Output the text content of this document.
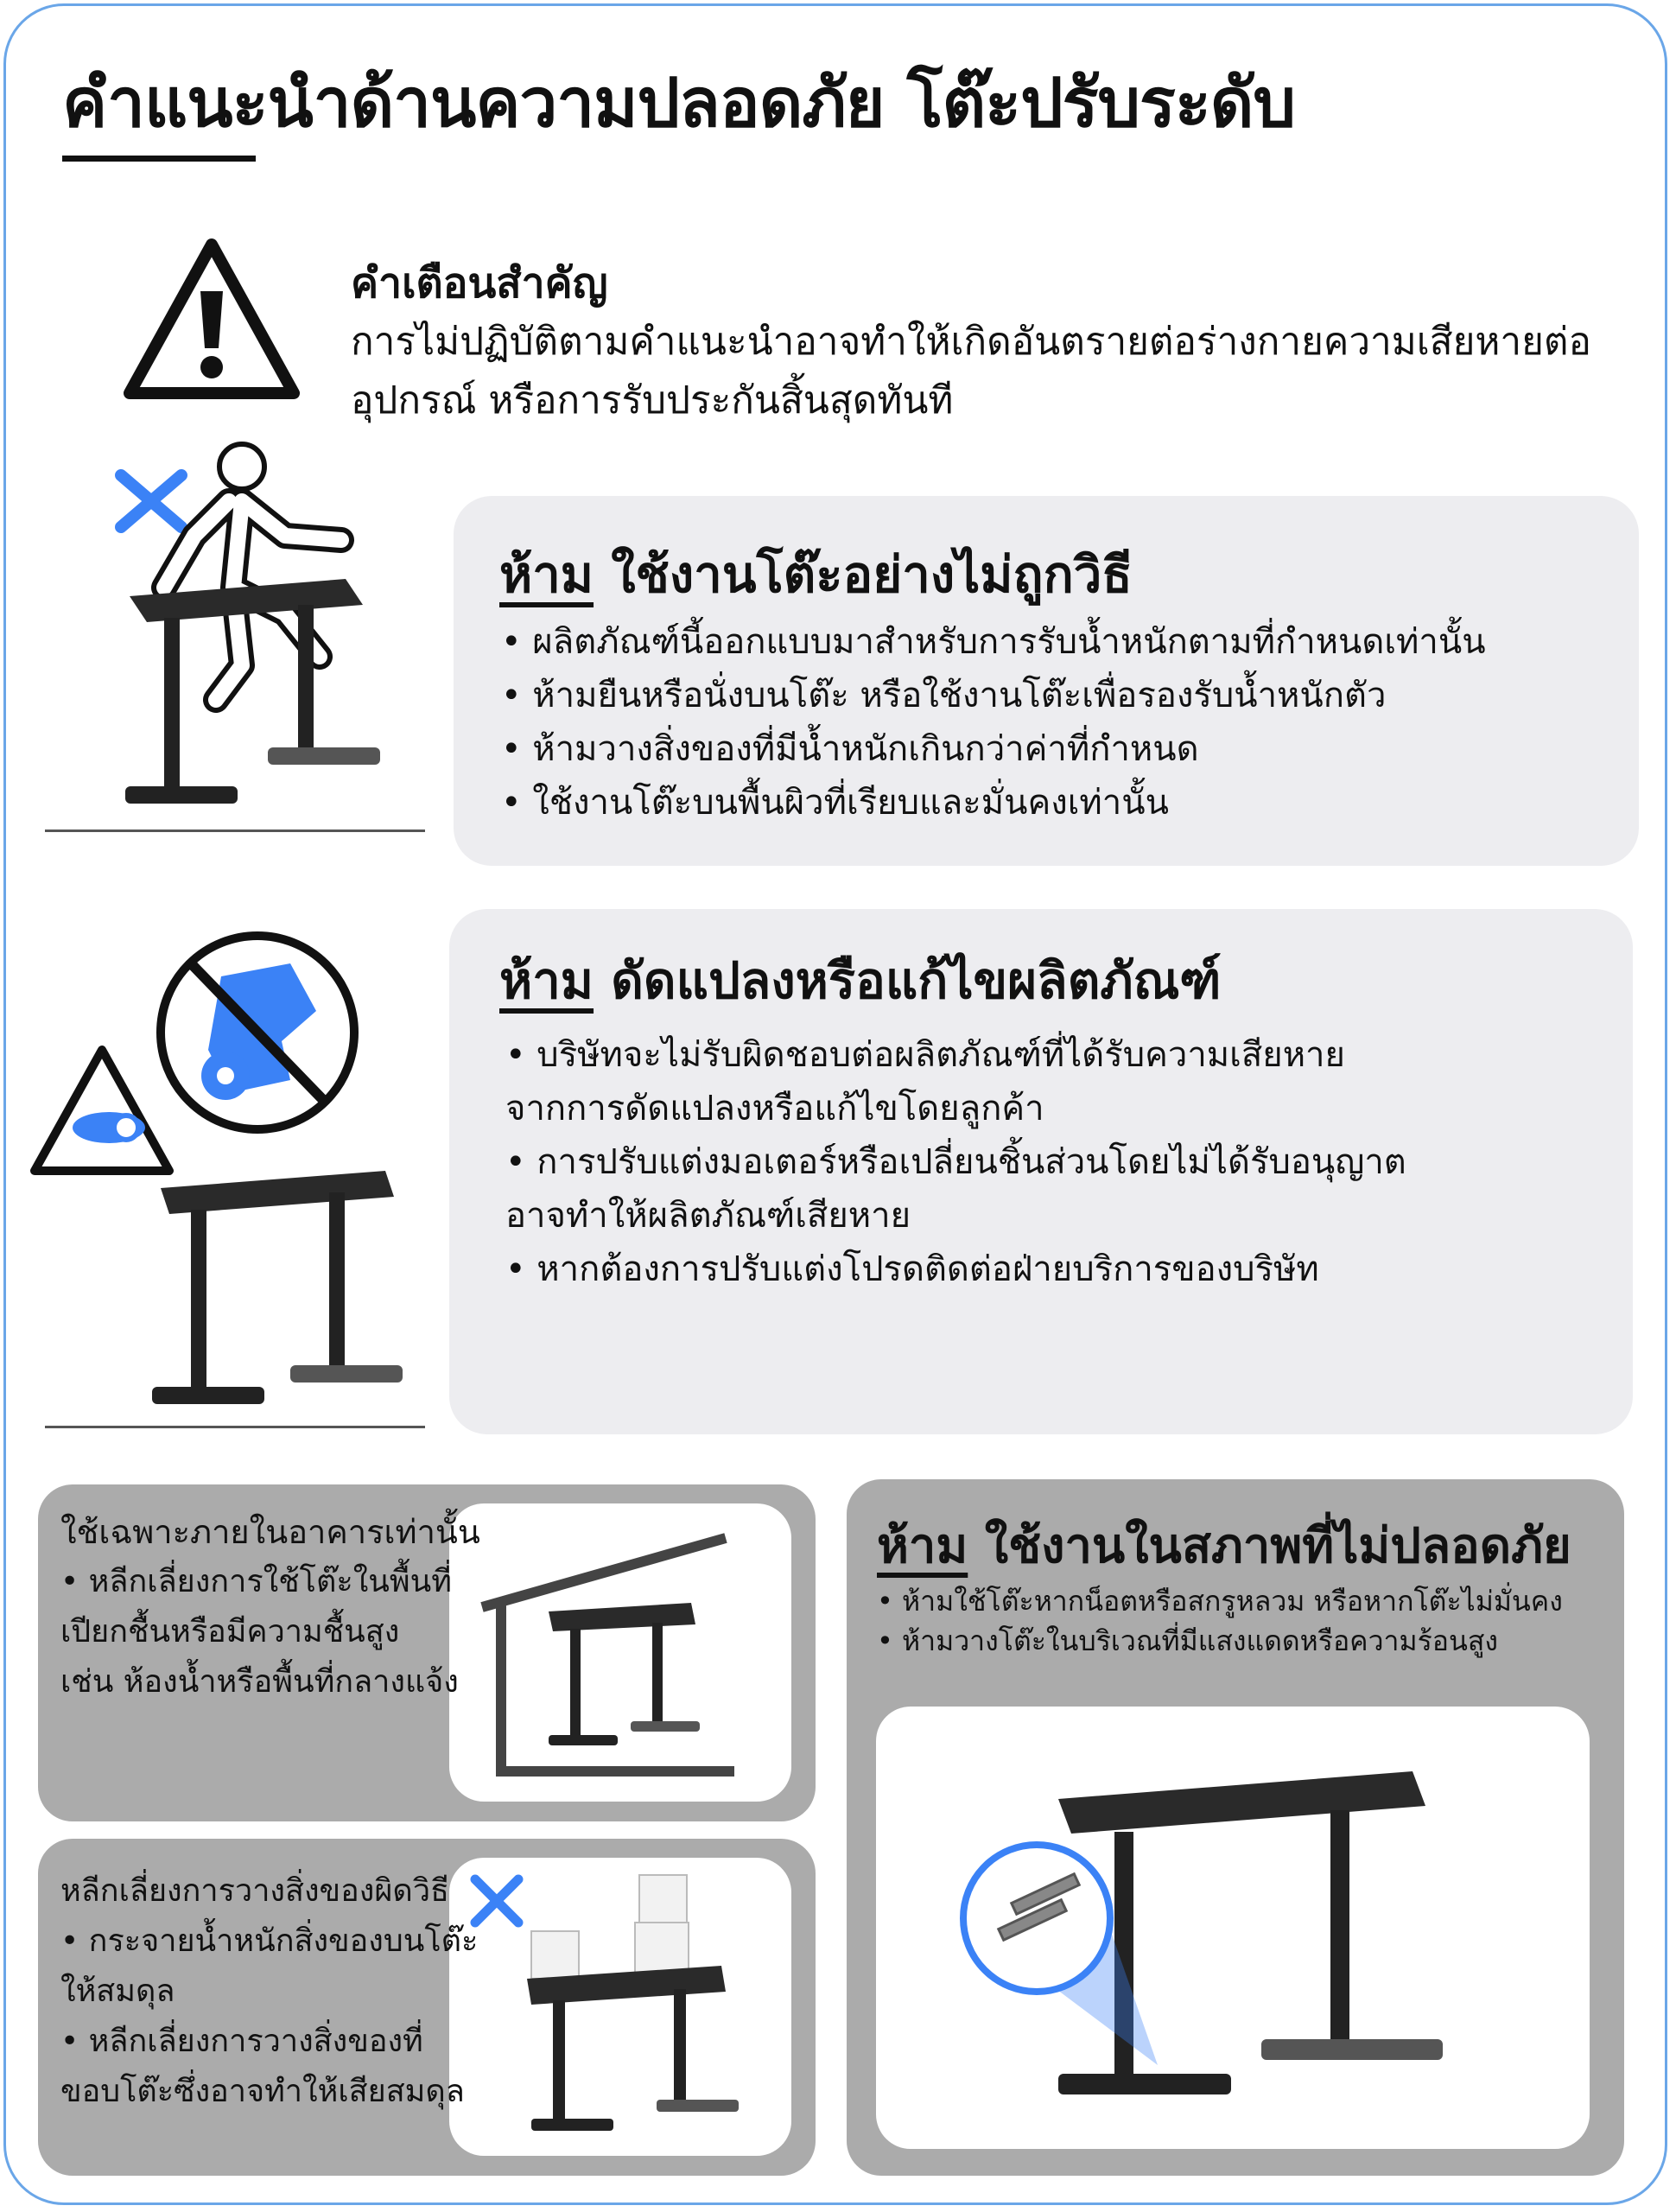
คำแนะนำด้านความปลอดภัย โต๊ะปรับระดับ
คำเตือนสำคัญ
การไม่ปฏิบัติตามคำแนะนำอาจทำให้เกิดอันตรายต่อร่างกายความเสียหายต่อ
อุปกรณ์ หรือการรับประกันสิ้นสุดทันที
ห้าม ใช้งานโต๊ะอย่างไม่ถูกวิธี
• ผลิตภัณฑ์นี้ออกแบบมาสำหรับการรับน้ำหนักตามที่กำหนดเท่านั้น
• ห้ามยืนหรือนั่งบนโต๊ะ หรือใช้งานโต๊ะเพื่อรองรับน้ำหนักตัว
• ห้ามวางสิ่งของที่มีน้ำหนักเกินกว่าค่าที่กำหนด
• ใช้งานโต๊ะบนพื้นผิวที่เรียบและมั่นคงเท่านั้น
ห้าม ดัดแปลงหรือแก้ไขผลิตภัณฑ์
• บริษัทจะไม่รับผิดชอบต่อผลิตภัณฑ์ที่ได้รับความเสียหาย
จากการดัดแปลงหรือแก้ไขโดยลูกค้า
• การปรับแต่งมอเตอร์หรือเปลี่ยนชิ้นส่วนโดยไม่ได้รับอนุญาต
อาจทำให้ผลิตภัณฑ์เสียหาย
• หากต้องการปรับแต่งโปรดติดต่อฝ่ายบริการของบริษัท
ใช้เฉพาะภายในอาคารเท่านั้น
• หลีกเลี่ยงการใช้โต๊ะในพื้นที่
เปียกชื้นหรือมีความชื้นสูง
เช่น ห้องน้ำหรือพื้นที่กลางแจ้ง
หลีกเลี่ยงการวางสิ่งของผิดวิธี
• กระจายน้ำหนักสิ่งของบนโต๊ะ
ให้สมดุล
• หลีกเลี่ยงการวางสิ่งของที่
ขอบโต๊ะซึ่งอาจทำให้เสียสมดุล
ห้าม ใช้งานในสภาพที่ไม่ปลอดภัย
• ห้ามใช้โต๊ะหากน็อตหรือสกรูหลวม หรือหากโต๊ะไม่มั่นคง
• ห้ามวางโต๊ะในบริเวณที่มีแสงแดดหรือความร้อนสูง
